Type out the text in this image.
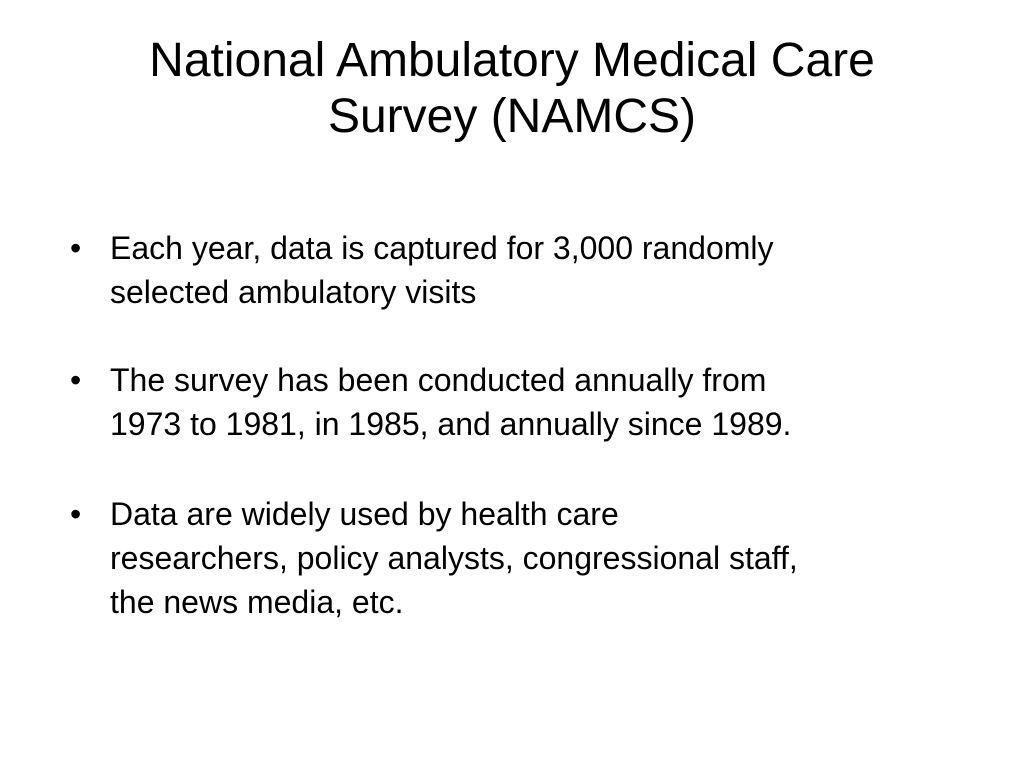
National Ambulatory Medical Care
Survey (NAMCS)
• Each year, data is captured for 3,000 randomly
selected ambulatory visits
• The survey has been conducted annually from
1973 to 1981, in 1985, and annually since 1989.
• Data are widely used by health care
researchers, policy analysts, congressional staff,
the news media, etc.
